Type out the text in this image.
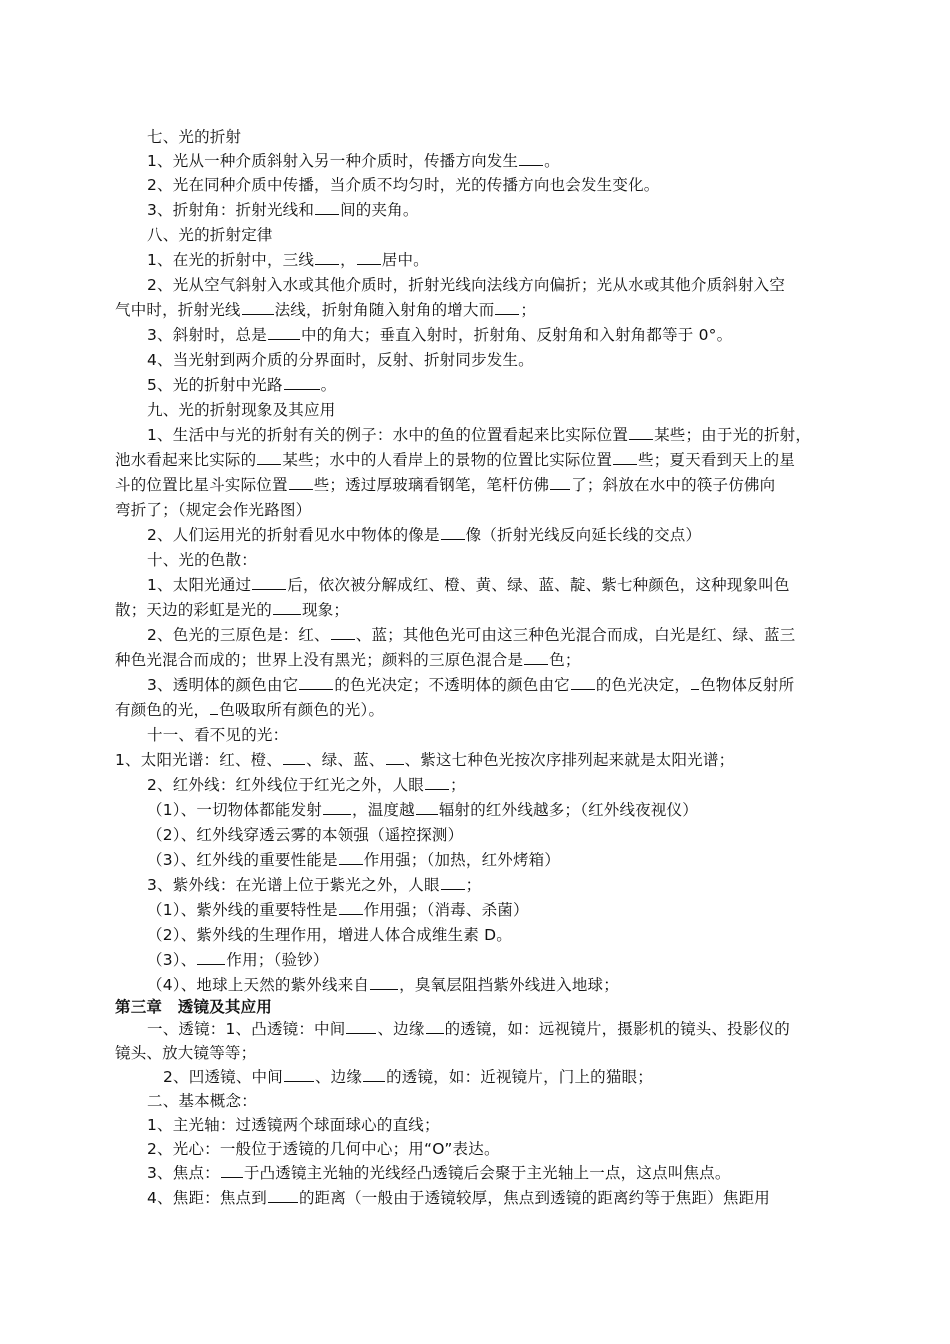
七、光的折射
1、光从一种介质斜射入另一种介质时，传播方向发生 。
2、光在同种介质中传播，当介质不均匀时，光的传播方向也会发生变化。
3、折射角：折射光线和 间的夹角。
八、光的折射定律
1、在光的折射中，三线 ， 居中。
2、光从空气斜射入水或其他介质时，折射光线向法线方向偏折；光从水或其他介质斜射入空
气中时，折射光线 法线，折射角随入射角的增大而 ；
3、斜射时，总是 中的角大；垂直入射时，折射角、反射角和入射角都等于 0°。
4、当光射到两介质的分界面时，反射、折射同步发生。
5、光的折射中光路 。
九、光的折射现象及其应用
1、生活中与光的折射有关的例子：水中的鱼的位置看起来比实际位置 某些；由于光的折射，
池水看起来比实际的 某些；水中的人看岸上的景物的位置比实际位置 些；夏天看到天上的星
斗的位置比星斗实际位置 些；透过厚玻璃看钢笔，笔杆仿佛 了；斜放在水中的筷子仿佛向
弯折了；（规定会作光路图）
2、人们运用光的折射看见水中物体的像是 像（折射光线反向延长线的交点）
十、光的色散：
1、太阳光通过 后，依次被分解成红、橙、黄、绿、蓝、靛、紫七种颜色，这种现象叫色
散；天边的彩虹是光的 现象；
2、色光的三原色是：红、 、蓝；其他色光可由这三种色光混合而成，白光是红、绿、蓝三
种色光混合而成的；世界上没有黑光；颜料的三原色混合是 色；
3、透明体的颜色由它 的色光决定；不透明体的颜色由它 的色光决定， 色物体反射所
有颜色的光， 色吸取所有颜色的光）。
十一、看不见的光：
1、太阳光谱：红、橙、 、绿、蓝、 、紫这七种色光按次序排列起来就是太阳光谱；
2、红外线：红外线位于红光之外，人眼 ；
（1）、一切物体都能发射 ，温度越 辐射的红外线越多；（红外线夜视仪）
（2）、红外线穿透云雾的本领强（遥控探测）
（3）、红外线的重要性能是 作用强；（加热，红外烤箱）
3、紫外线：在光谱上位于紫光之外，人眼 ；
（1）、紫外线的重要特性是 作用强；（消毒、杀菌）
（2）、紫外线的生理作用，增进人体合成维生素 D。
（3）、 作用；（验钞）
（4）、地球上天然的紫外线来自 ，臭氧层阻挡紫外线进入地球；
第三章　透镜及其应用
一、透镜：1、凸透镜：中间 、边缘 的透镜，如：远视镜片，摄影机的镜头、投影仪的
镜头、放大镜等等；
2、凹透镜、中间 、边缘 的透镜，如：近视镜片，门上的猫眼；
二、基本概念：
1、主光轴：过透镜两个球面球心的直线；
2、光心：一般位于透镜的几何中心；用“O”表达。
3、焦点： 于凸透镜主光轴的光线经凸透镜后会聚于主光轴上一点，这点叫焦点。
4、焦距：焦点到 的距离（一般由于透镜较厚，焦点到透镜的距离约等于焦距）焦距用
